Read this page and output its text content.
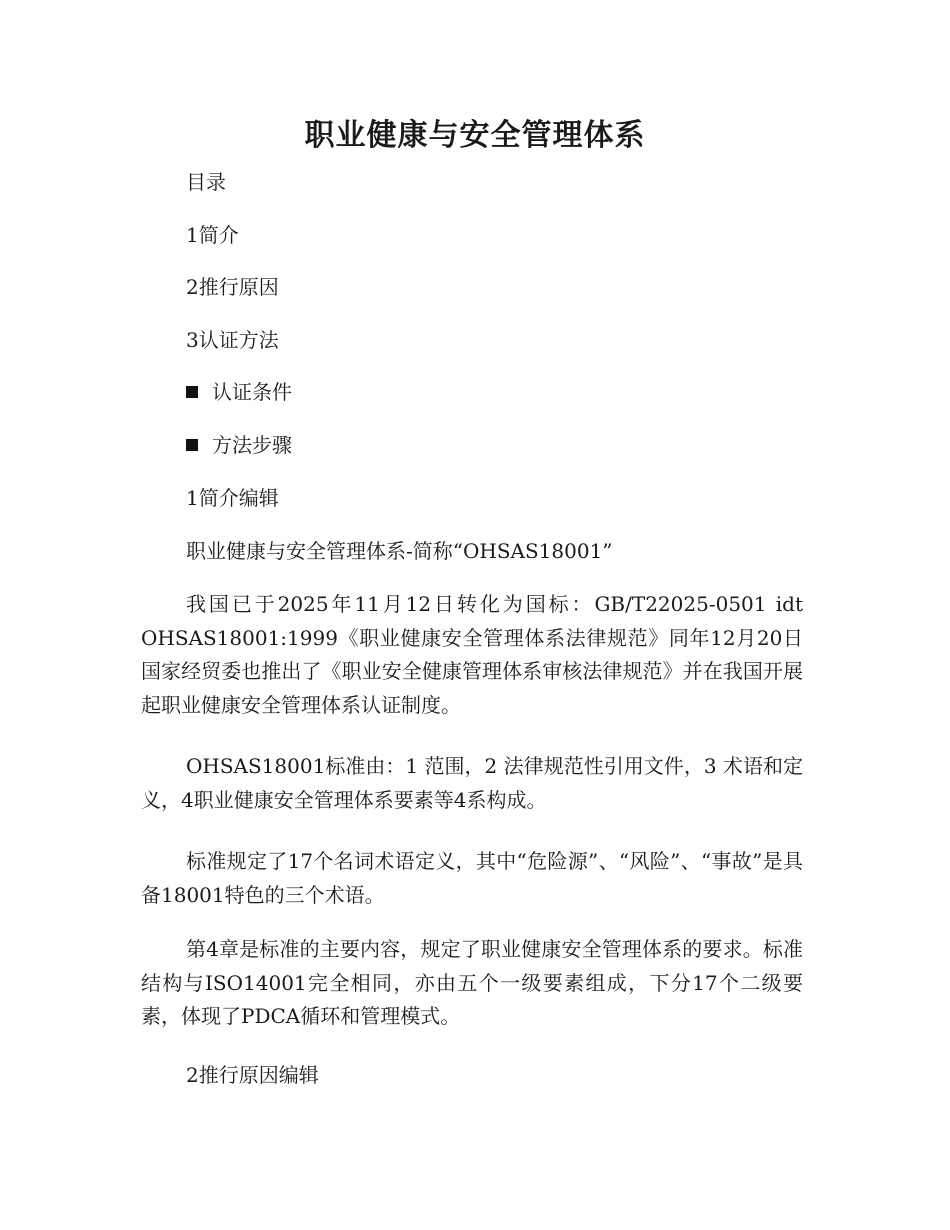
职业健康与安全管理体系

目录

1简介

2推行原因

3认证方法

认证条件

方法步骤

1简介编辑

职业健康与安全管理体系-简称“OHSAS18001”

我国已于2025年11月12日转化为国标：GB/T22025-0501 idt OHSAS18001:1999《职业健康安全管理体系法律规范》同年12月20日国家经贸委也推出了《职业安全健康管理体系审核法律规范》并在我国开展起职业健康安全管理体系认证制度。

OHSAS18001标准由：1 范围，2 法律规范性引用文件，3 术语和定义，4职业健康安全管理体系要素等4系构成。

标准规定了17个名词术语定义，其中“危险源”、“风险”、“事故”是具备18001特色的三个术语。

第4章是标准的主要内容，规定了职业健康安全管理体系的要求。标准结构与ISO14001完全相同，亦由五个一级要素组成，下分17个二级要素，体现了PDCA循环和管理模式。

2推行原因编辑
